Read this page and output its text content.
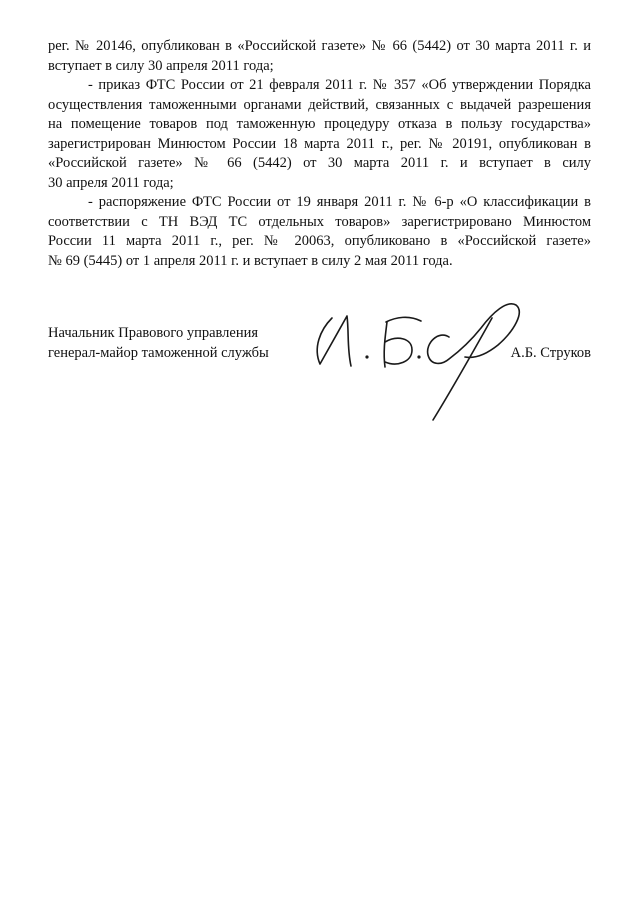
рег. № 20146, опубликован в «Российской газете» № 66 (5442) от 30 марта 2011 г. и
вступает в силу 30 апреля 2011 года;
- приказ ФТС России от 21 февраля 2011 г. № 357 «Об утверждении Порядка
осуществления таможенными органами действий, связанных с выдачей разрешения
на помещение товаров под таможенную процедуру отказа в пользу государства»
зарегистрирован Минюстом России 18 марта 2011 г., рег. № 20191, опубликован в
«Российской газете» № 66 (5442) от 30 марта 2011 г. и вступает в силу
30 апреля 2011 года;
- распоряжение ФТС России от 19 января 2011 г. № 6-р «О классификации в
соответствии с ТН ВЭД ТС отдельных товаров» зарегистрировано Минюстом
России 11 марта 2011 г., рег. № 20063, опубликовано в «Российской газете»
№ 69 (5445) от 1 апреля 2011 г. и вступает в силу 2 мая 2011 года.
Начальник Правового управления
генерал-майор таможенной службы	А.Б. Струков
